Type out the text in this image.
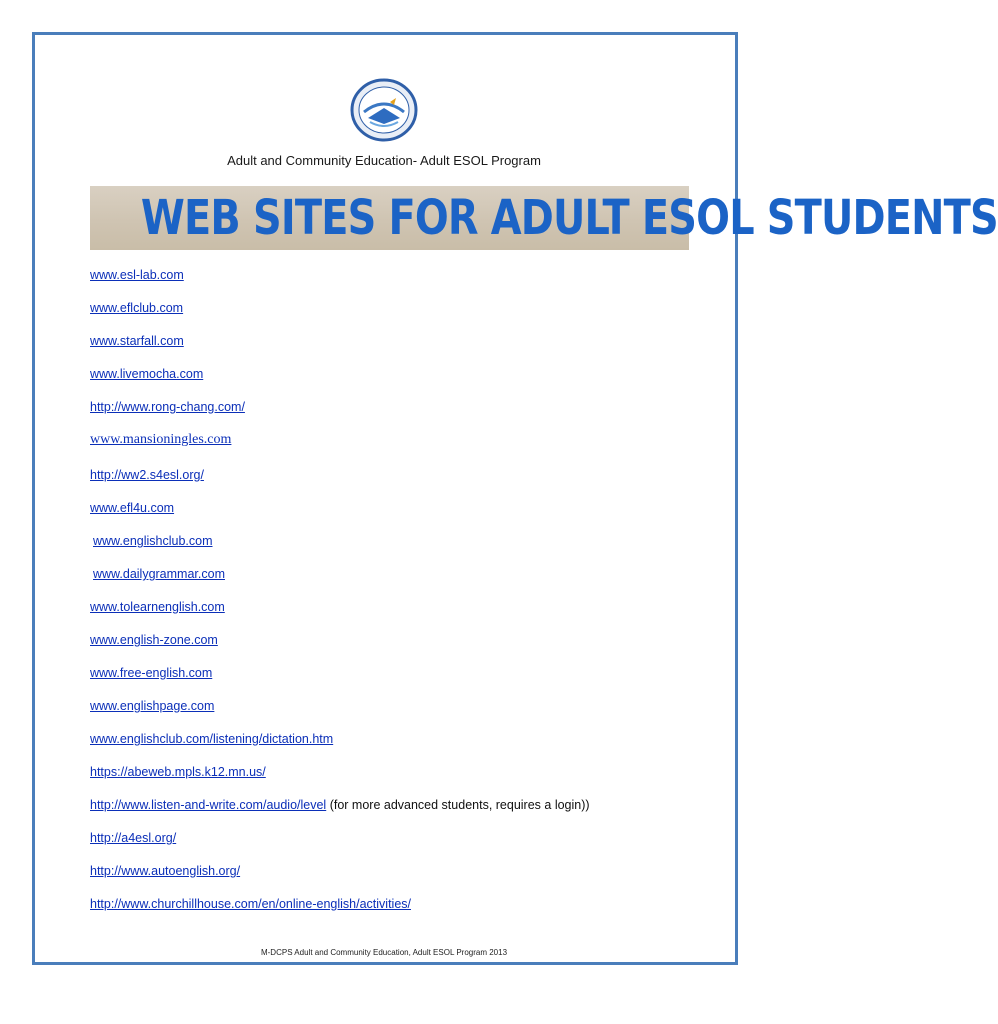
Adult and Community Education- Adult ESOL Program
WEB SITES FOR ADULT ESOL STUDENTS
www.esl-lab.com
www.eflclub.com
www.starfall.com
www.livemocha.com
http://www.rong-chang.com/
www.mansioningles.com
http://ww2.s4esl.org/
www.efl4u.com
www.englishclub.com
www.dailygrammar.com
www.tolearnenglish.com
www.english-zone.com
www.free-english.com
www.englishpage.com
www.englishclub.com/listening/dictation.htm
https://abeweb.mpls.k12.mn.us/
http://www.listen-and-write.com/audio/level (for more advanced students, requires a login))
http://a4esl.org/
http://www.autoenglish.org/
http://www.churchillhouse.com/en/online-english/activities/
M-DCPS Adult and Community Education, Adult ESOL Program 2013
